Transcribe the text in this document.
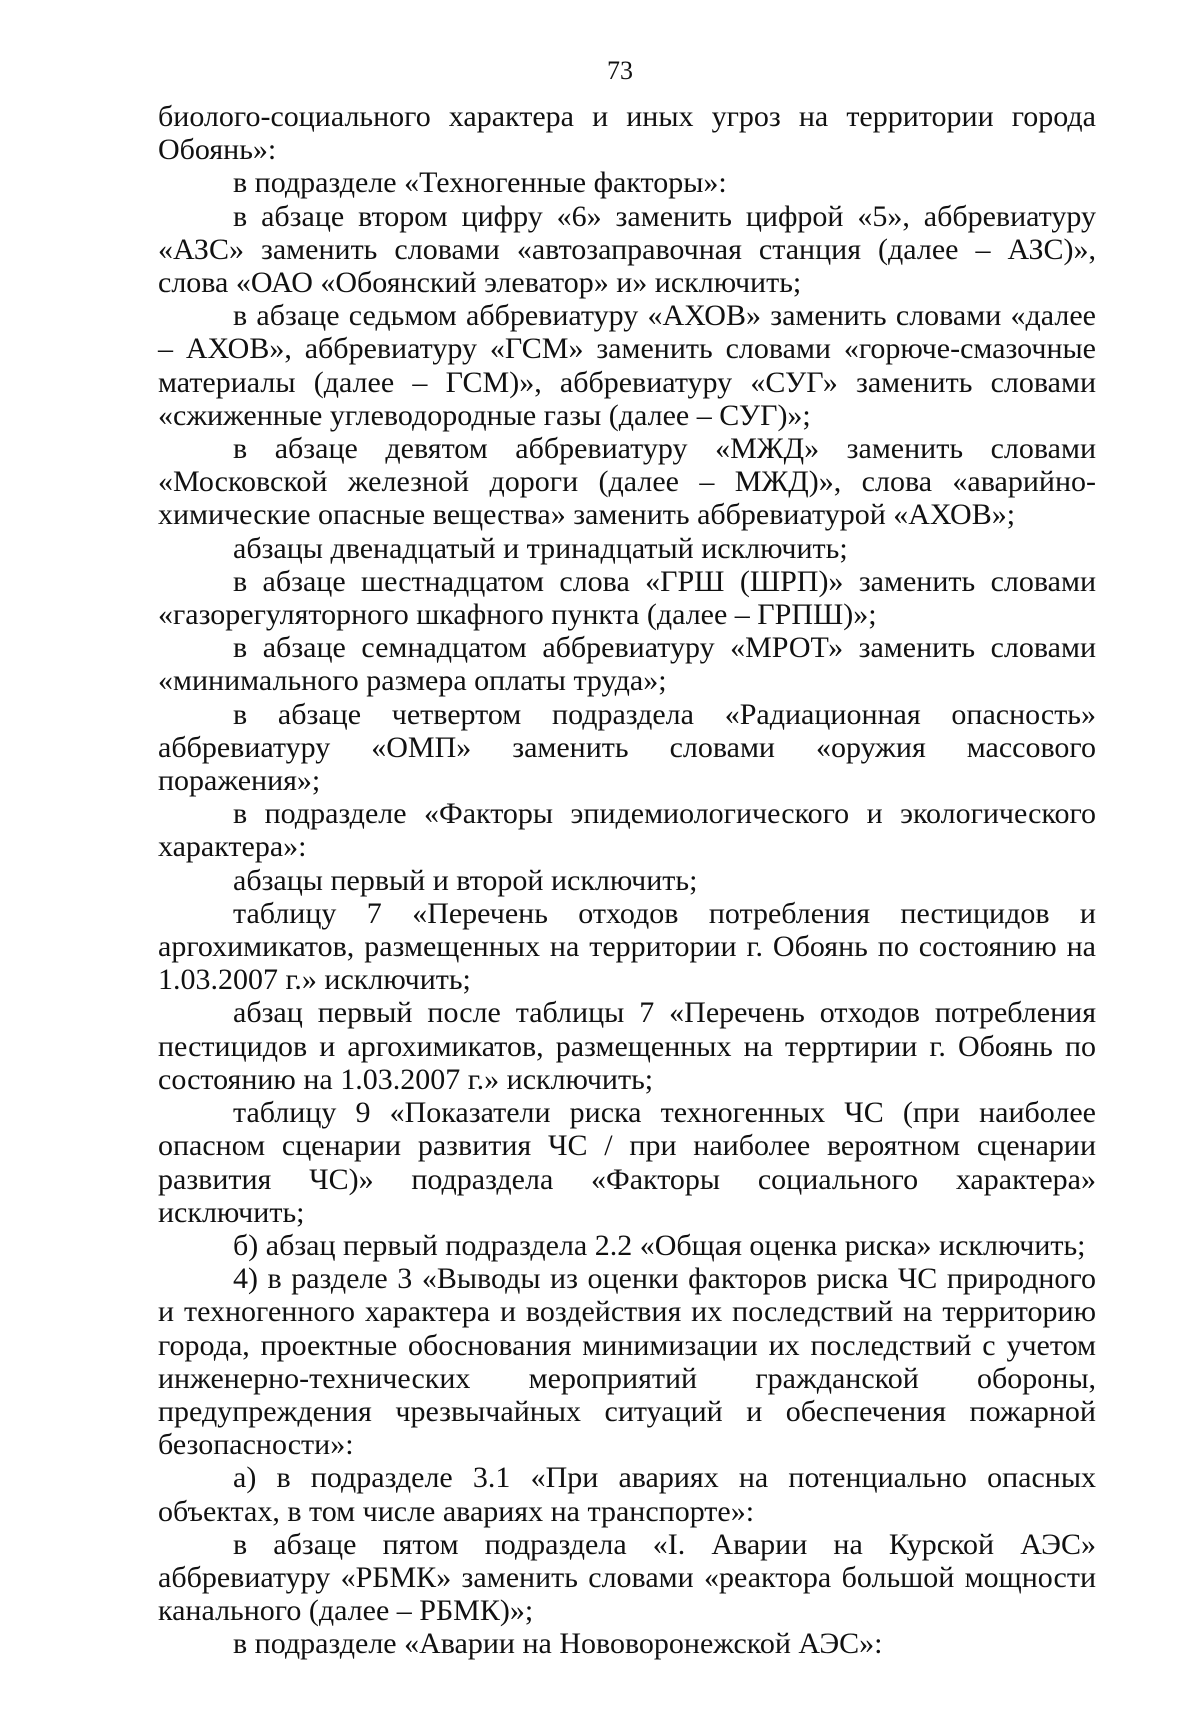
73

биолого-социального характера и иных угроз на территории города Обоянь»:

в подразделе «Техногенные факторы»:

в абзаце втором цифру «6» заменить цифрой «5», аббревиатуру «АЗС» заменить словами «автозаправочная станция (далее – АЗС)», слова «ОАО «Обоянский элеватор» и» исключить;

в абзаце седьмом аббревиатуру «АХОВ» заменить словами «далее – АХОВ», аббревиатуру «ГСМ» заменить словами «горюче-смазочные материалы (далее – ГСМ)», аббревиатуру «СУГ» заменить словами «сжиженные углеводородные газы (далее – СУГ)»;

в абзаце девятом аббревиатуру «МЖД» заменить словами «Московской железной дороги (далее – МЖД)», слова «аварийно-химические опасные вещества» заменить аббревиатурой «АХОВ»;

абзацы двенадцатый и тринадцатый исключить;

в абзаце шестнадцатом слова «ГРШ (ШРП)» заменить словами «газорегуляторного шкафного пункта (далее – ГРПШ)»;

в абзаце семнадцатом аббревиатуру «МРОТ» заменить словами «минимального размера оплаты труда»;

в абзаце четвертом подраздела «Радиационная опасность» аббревиатуру «ОМП» заменить словами «оружия массового поражения»;

в подразделе «Факторы эпидемиологического и экологического характера»:

абзацы первый и второй исключить;

таблицу 7 «Перечень отходов потребления пестицидов и аргохимикатов, размещенных на территории г. Обоянь по состоянию на 1.03.2007 г.» исключить;

абзац первый после таблицы 7 «Перечень отходов потребления пестицидов и аргохимикатов, размещенных на терртирии г. Обоянь по состоянию на 1.03.2007 г.» исключить;

таблицу 9 «Показатели риска техногенных ЧС (при наиболее опасном сценарии развития ЧС / при наиболее вероятном сценарии развития ЧС)» подраздела «Факторы социального характера» исключить;

б) абзац первый подраздела 2.2 «Общая оценка риска» исключить;

4) в разделе 3 «Выводы из оценки факторов риска ЧС природного и техногенного характера и воздействия их последствий на территорию города, проектные обоснования минимизации их последствий с учетом инженерно-технических мероприятий гражданской обороны, предупреждения чрезвычайных ситуаций и обеспечения пожарной безопасности»:

а) в подразделе 3.1 «При авариях на потенциально опасных объектах, в том числе авариях на транспорте»:

в абзаце пятом подраздела «I. Аварии на Курской АЭС» аббревиатуру «РБМК» заменить словами «реактора большой мощности канального (далее – РБМК)»;

в подразделе «Аварии на Нововоронежской АЭС»:
